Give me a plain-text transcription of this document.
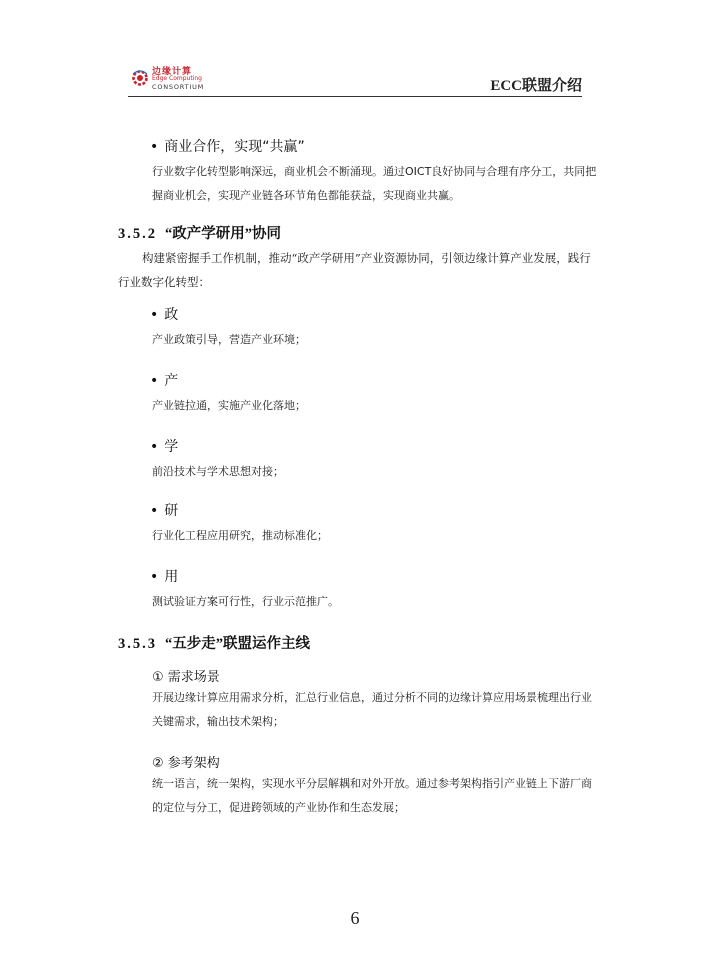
边缘计算
Edge Computing
CONSORTIUM	ECC联盟介绍
• 商业合作，实现“共赢”
行业数字化转型影响深远，商业机会不断涌现。通过OICT良好协同与合理有序分工，共同把握商业机会，实现产业链各环节角色都能获益，实现商业共赢。
3.5.2 “政产学研用”协同
构建紧密握手工作机制，推动“政产学研用”产业资源协同，引领边缘计算产业发展，践行行业数字化转型：
• 政
产业政策引导，营造产业环境；
• 产
产业链拉通，实施产业化落地；
• 学
前沿技术与学术思想对接；
• 研
行业化工程应用研究，推动标准化；
• 用
测试验证方案可行性，行业示范推广。
3.5.3 “五步走”联盟运作主线
① 需求场景
开展边缘计算应用需求分析，汇总行业信息，通过分析不同的边缘计算应用场景梳理出行业关键需求，输出技术架构；
② 参考架构
统一语言，统一架构，实现水平分层解耦和对外开放。通过参考架构指引产业链上下游厂商的定位与分工，促进跨领域的产业协作和生态发展；
6
